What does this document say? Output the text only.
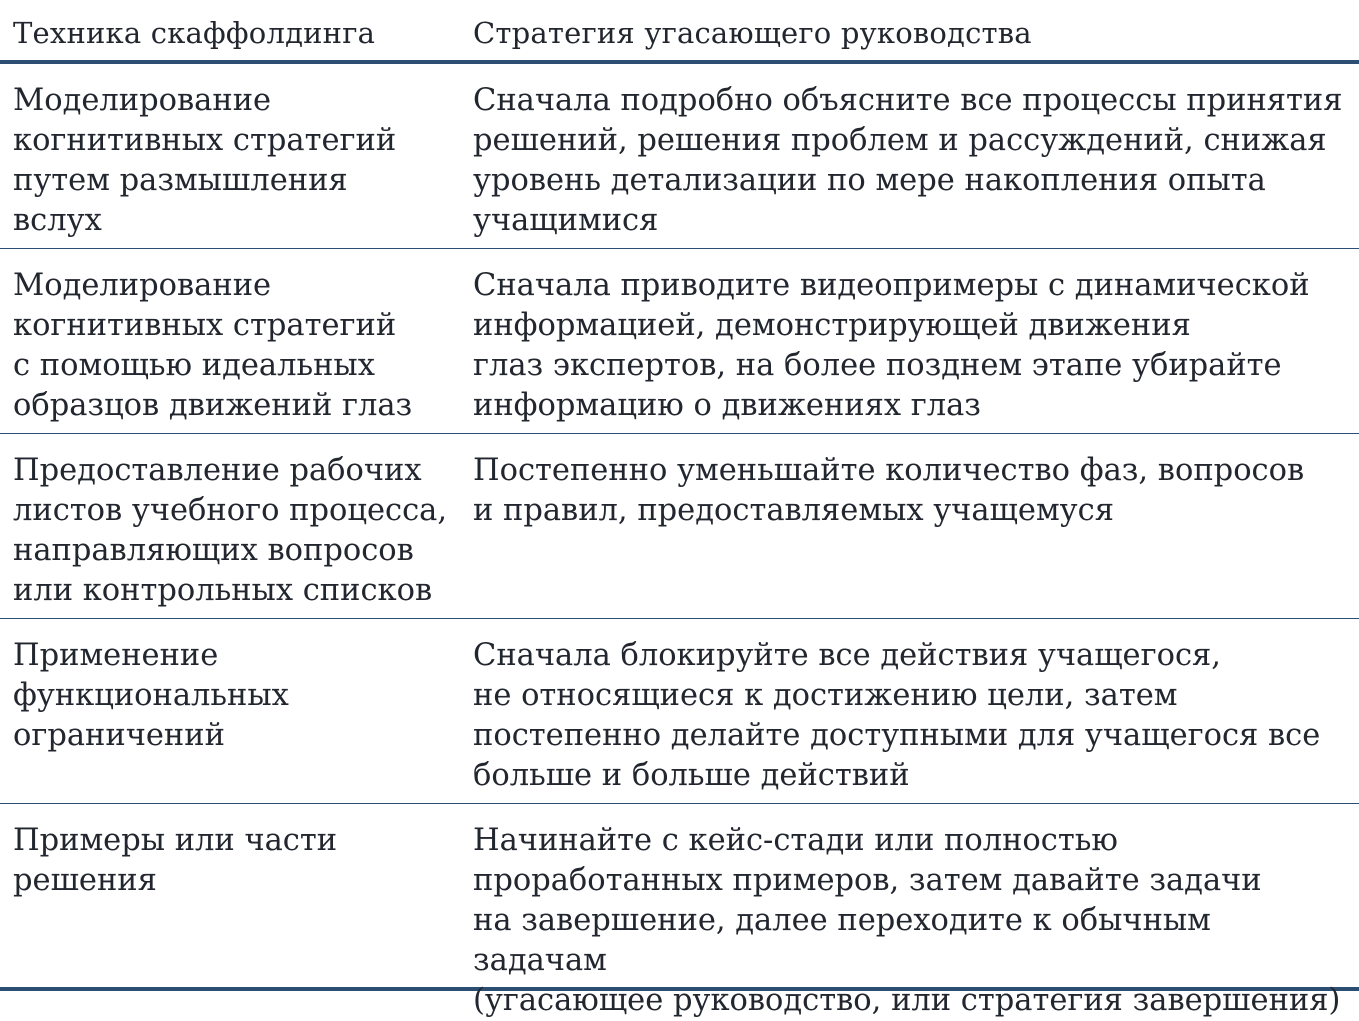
Техника скаффолдинга	Стратегия угасающего руководства
Моделирование
когнитивных стратегий
путем размышления
вслух
Сначала подробно объясните все процессы принятия
решений, решения проблем и рассуждений, снижая
уровень детализации по мере накопления опыта
учащимися
Моделирование
когнитивных стратегий
с помощью идеальных
образцов движений глаз
Сначала приводите видеопримеры с динамической
информацией, демонстрирующей движения
глаз экспертов, на более позднем этапе убирайте
информацию о движениях глаз
Предоставление рабочих
листов учебного процесса,
направляющих вопросов
или контрольных списков
Постепенно уменьшайте количество фаз, вопросов
и правил, предоставляемых учащемуся
Применение
функциональных
ограничений
Сначала блокируйте все действия учащегося,
не относящиеся к достижению цели, затем
постепенно делайте доступными для учащегося все
больше и больше действий
Примеры или части
решения
Начинайте с кейс-стади или полностью
проработанных примеров, затем давайте задачи
на завершение, далее переходите к обычным задачам
(угасающее руководство, или стратегия завершения)
